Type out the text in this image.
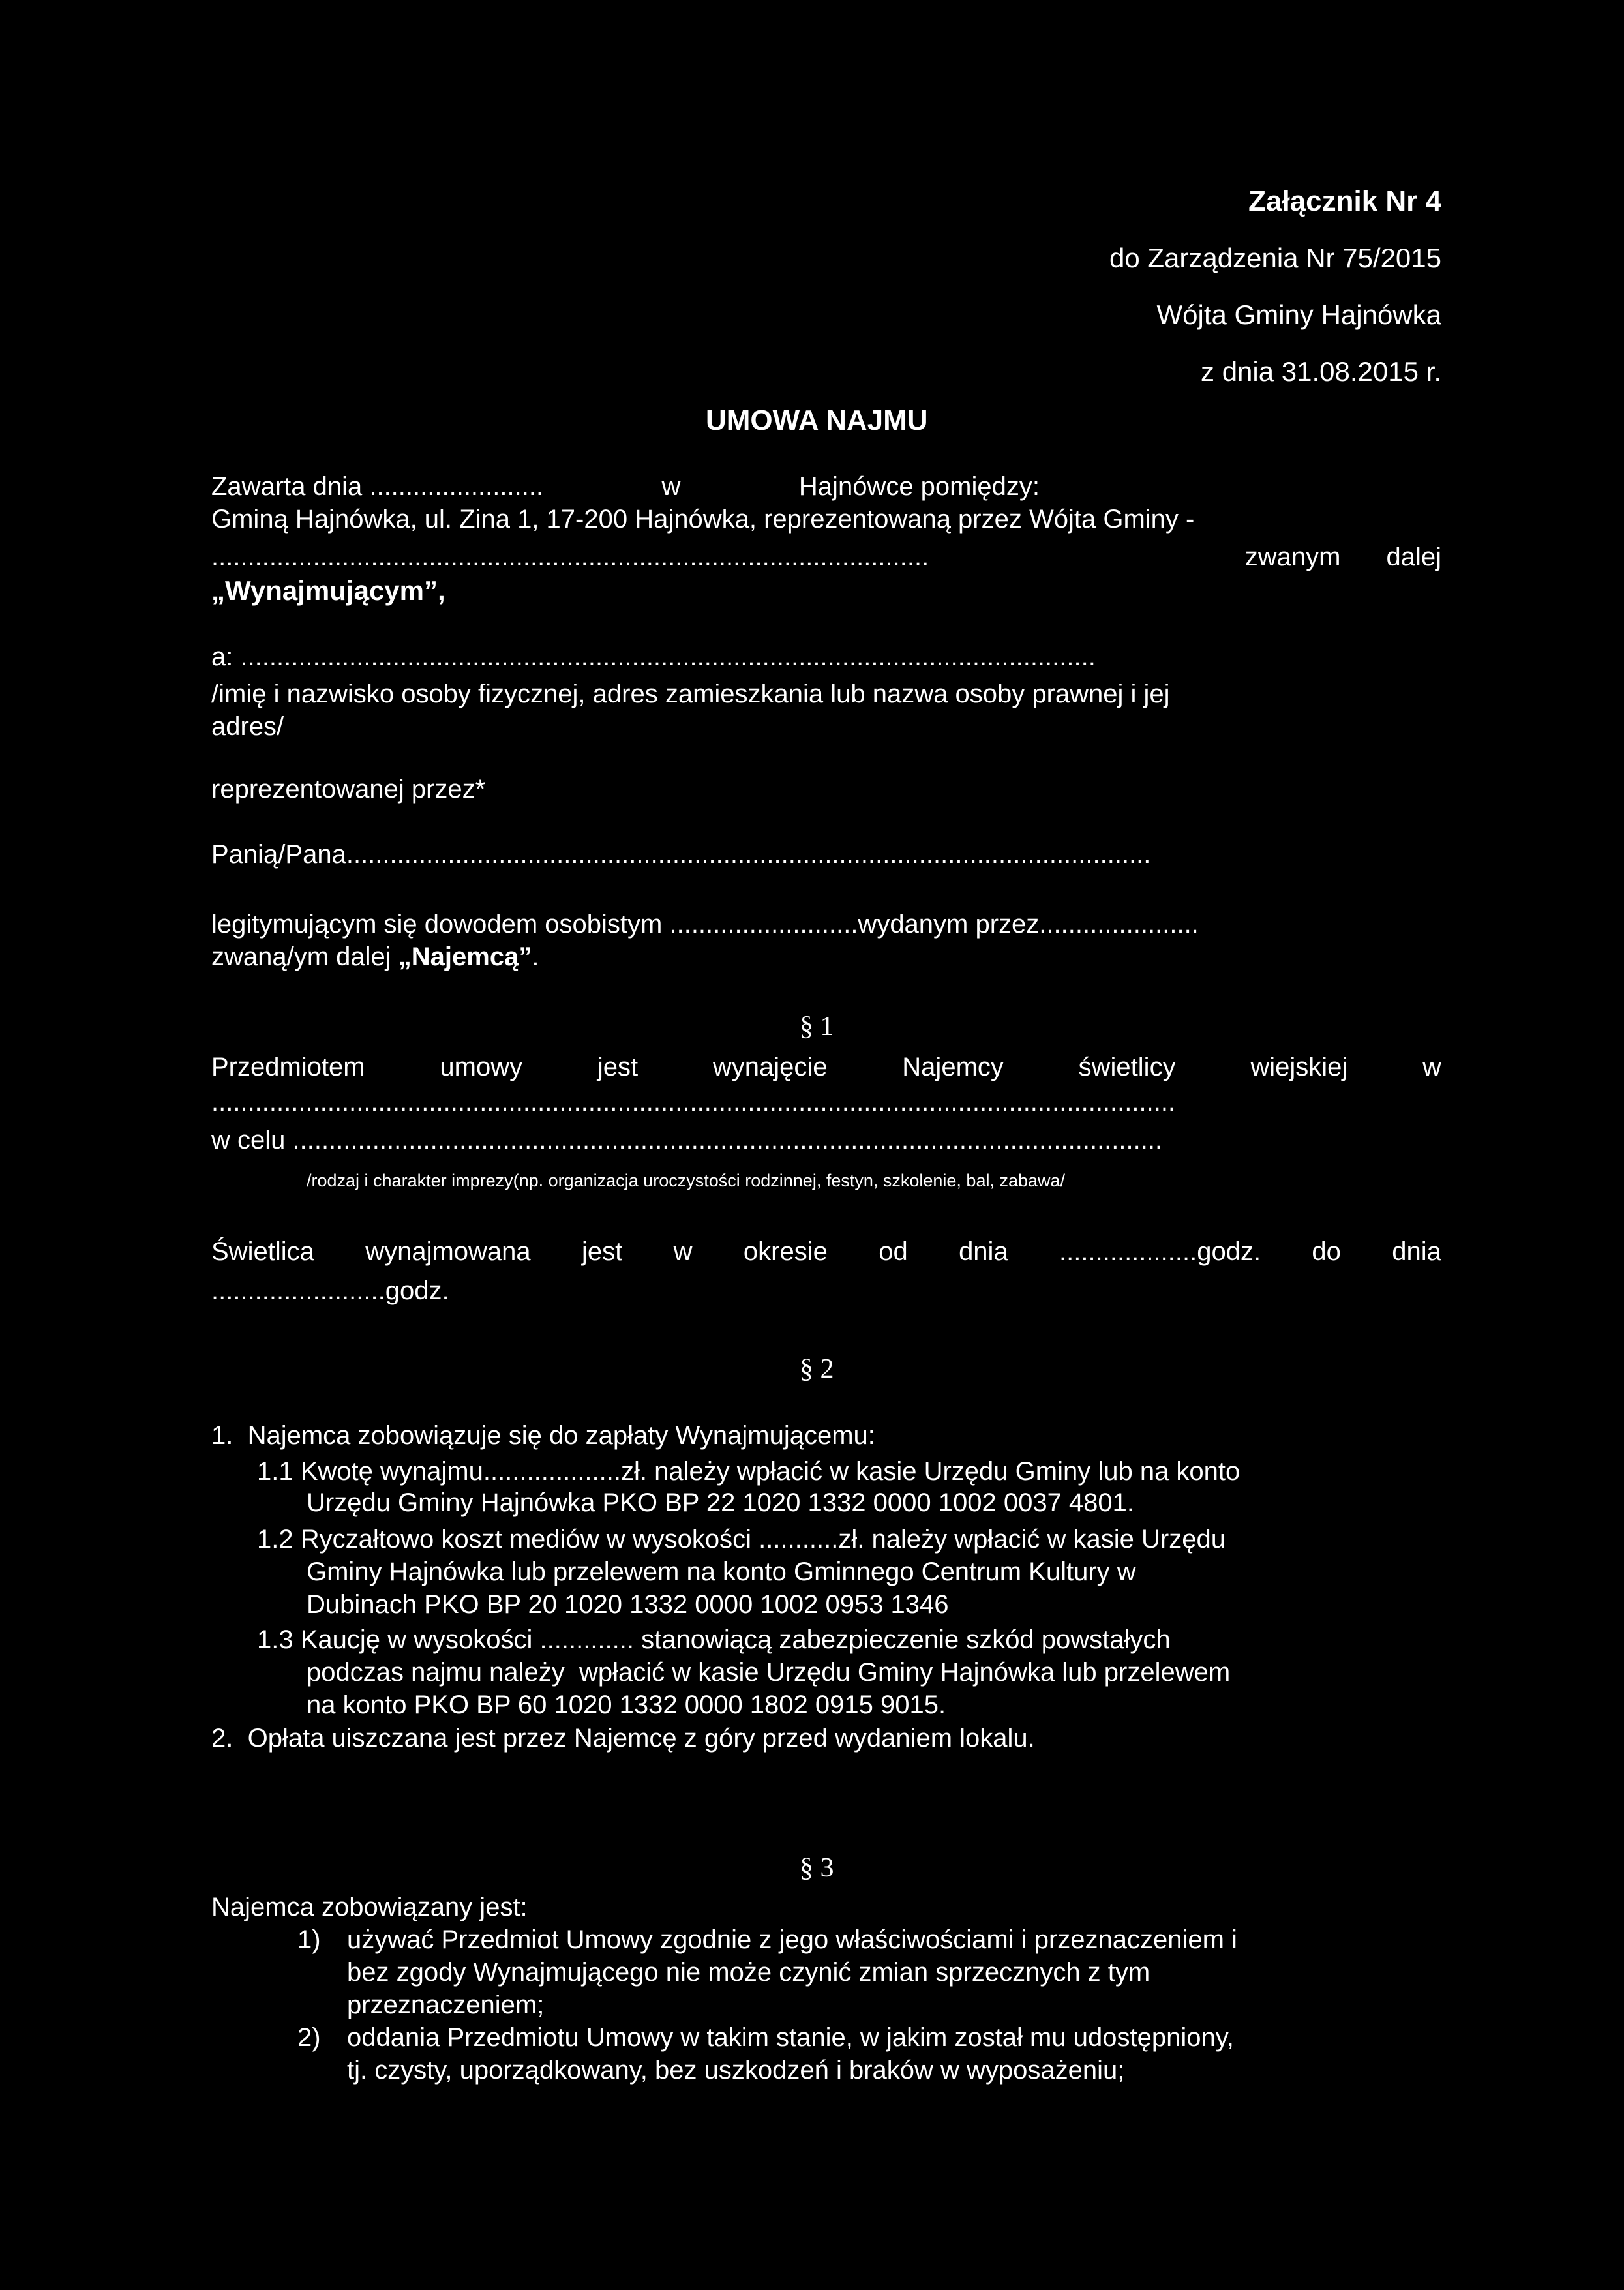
Załącznik Nr 4
do Zarządzenia Nr 75/2015
Wójta Gminy Hajnówka
z dnia 31.08.2015 r.
UMOWA NAJMU
Zawarta dnia ........................	w	Hajnówce pomiędzy:
Gminą Hajnówka, ul. Zina 1, 17-200 Hajnówka, reprezentowaną przez Wójta Gminy -
...................................................................................................	zwanym dalej
„Wynajmującym”,
a: ......................................................................................................................
/imię i nazwisko osoby fizycznej, adres zamieszkania lub nazwa osoby prawnej i jej
adres/
reprezentowanej przez*
Panią/Pana...............................................................................................................
legitymującym się dowodem osobistym ..........................wydanym przez......................
zwaną/ym dalej „Najemcą”.
§ 1
Przedmiotem	umowy	jest	wynajęcie	Najemcy	świetlicy	wiejskiej	w
.....................................................................................................................................
w celu ........................................................................................................................
/rodzaj i charakter imprezy(np. organizacja uroczystości rodzinnej, festyn, szkolenie, bal, zabawa/
Świetlica wynajmowana jest w okresie od dnia ...................godz. do dnia
........................godz.
§ 2
1.  Najemca zobowiązuje się do zapłaty Wynajmującemu:
1.1 Kwotę wynajmu...................zł. należy wpłacić w kasie Urzędu Gminy lub na konto
Urzędu Gminy Hajnówka PKO BP 22 1020 1332 0000 1002 0037 4801.
1.2 Ryczałtowo koszt mediów w wysokości ...........zł. należy wpłacić w kasie Urzędu
Gminy Hajnówka lub przelewem na konto Gminnego Centrum Kultury w
Dubinach PKO BP 20 1020 1332 0000 1002 0953 1346
1.3 Kaucję w wysokości ............. stanowiącą zabezpieczenie szkód powstałych
podczas najmu należy  wpłacić w kasie Urzędu Gminy Hajnówka lub przelewem
na konto PKO BP 60 1020 1332 0000 1802 0915 9015.
2.  Opłata uiszczana jest przez Najemcę z góry przed wydaniem lokalu.
§ 3
Najemca zobowiązany jest:
1) używać Przedmiot Umowy zgodnie z jego właściwościami i przeznaczeniem i
bez zgody Wynajmującego nie może czynić zmian sprzecznych z tym
przeznaczeniem;
2) oddania Przedmiotu Umowy w takim stanie, w jakim został mu udostępniony,
tj. czysty, uporządkowany, bez uszkodzeń i braków w wyposażeniu;
